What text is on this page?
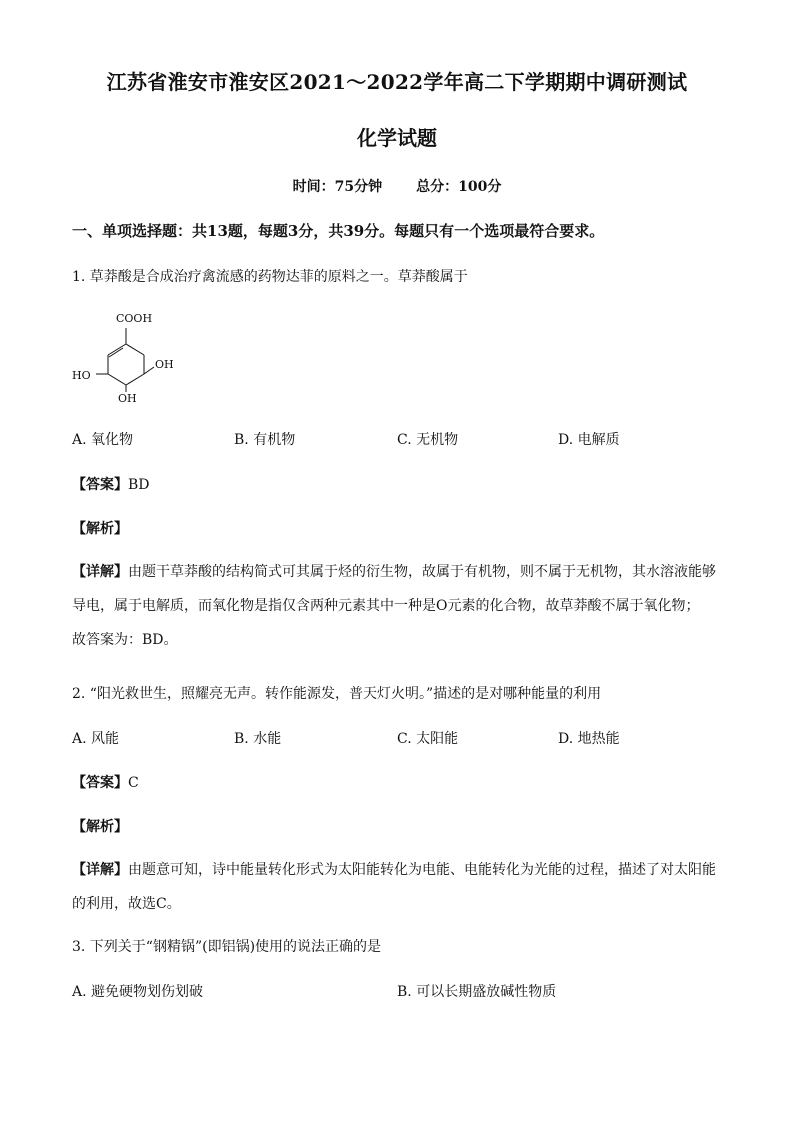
江苏省淮安市淮安区2021～2022学年高二下学期期中调研测试
化学试题
时间：75分钟 总分：100分
一、单项选择题：共13题，每题3分，共39分。每题只有一个选项最符合要求。
1. 草莽酸是合成治疗禽流感的药物达菲的原料之一。草莽酸属于
COOH
HO
OH
OH
A. 氧化物	B. 有机物	C. 无机物	D. 电解质
【答案】BD
【解析】
【详解】由题干草莽酸的结构简式可其属于烃的衍生物，故属于有机物，则不属于无机物，其水溶液能够
导电，属于电解质，而氧化物是指仅含两种元素其中一种是O元素的化合物，故草莽酸不属于氧化物；
故答案为：BD。
2. “阳光救世生，照耀亮无声。转作能源发，普天灯火明。”描述的是对哪种能量的利用
A. 风能	B. 水能	C. 太阳能	D. 地热能
【答案】C
【解析】
【详解】由题意可知，诗中能量转化形式为太阳能转化为电能、电能转化为光能的过程，描述了对太阳能
的利用，故选C。
3. 下列关于“钢精锅”(即铝锅)使用的说法正确的是
A. 避免硬物划伤划破	B. 可以长期盛放碱性物质
